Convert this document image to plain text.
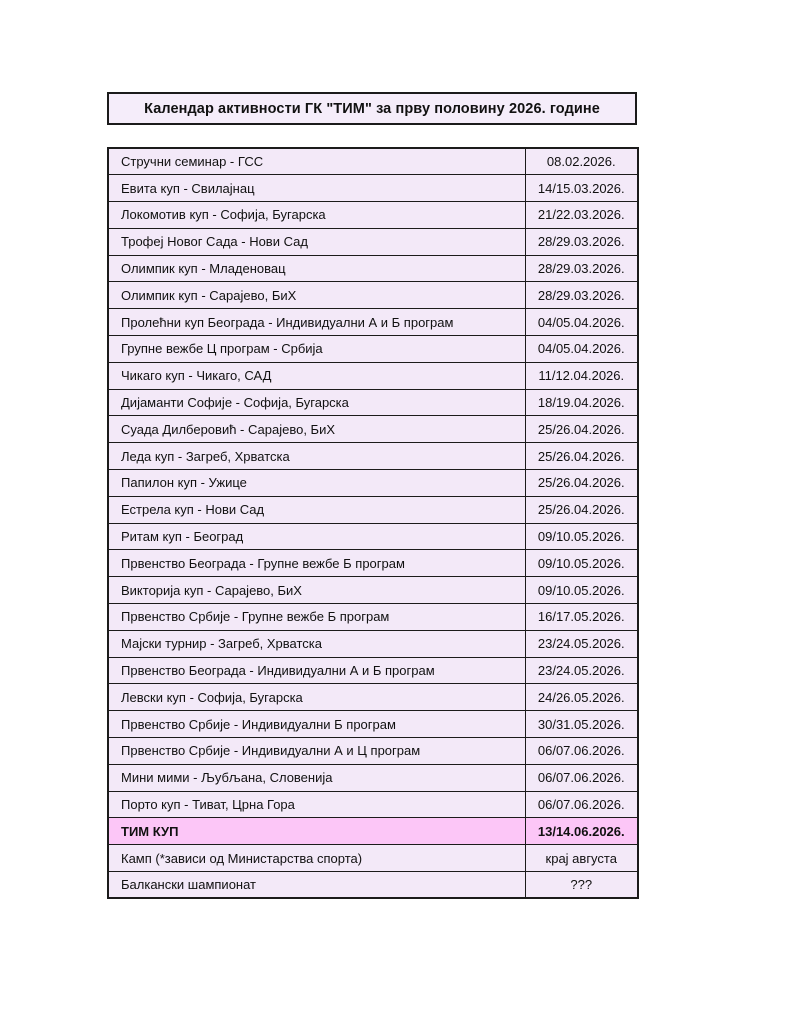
Календар активности ГК "ТИМ" за прву половину 2026. године
Стручни семинар - ГСС	08.02.2026.
Евита куп - Свилајнац	14/15.03.2026.
Локомотив куп - Софија, Бугарска	21/22.03.2026.
Трофеј Новог Сада - Нови Сад	28/29.03.2026.
Олимпик куп - Младеновац	28/29.03.2026.
Олимпик куп - Сарајево, БиХ	28/29.03.2026.
Пролећни куп Београда - Индивидуални А и Б програм	04/05.04.2026.
Групне вежбе Ц програм - Србија	04/05.04.2026.
Чикаго куп - Чикаго, САД	11/12.04.2026.
Дијаманти Софије - Софија, Бугарска	18/19.04.2026.
Суада Дилберовић - Сарајево, БиХ	25/26.04.2026.
Леда куп - Загреб, Хрватска	25/26.04.2026.
Папилон куп - Ужице	25/26.04.2026.
Естрела куп - Нови Сад	25/26.04.2026.
Ритам куп - Београд	09/10.05.2026.
Првенство Београда - Групне вежбе Б програм	09/10.05.2026.
Викторија куп - Сарајево, БиХ	09/10.05.2026.
Првенство Србије - Групне вежбе Б програм	16/17.05.2026.
Мајски турнир - Загреб, Хрватска	23/24.05.2026.
Првенство Београда - Индивидуални А и Б програм	23/24.05.2026.
Левски куп - Софија, Бугарска	24/26.05.2026.
Првенство Србије - Индивидуални Б програм	30/31.05.2026.
Првенство Србије - Индивидуални А и Ц програм	06/07.06.2026.
Мини мими - Љубљана, Словенија	06/07.06.2026.
Порто куп - Тиват, Црна Гора	06/07.06.2026.
ТИМ КУП	13/14.06.2026.
Камп (*зависи од Министарства спорта)	крај августа
Балкански шампионат	???
